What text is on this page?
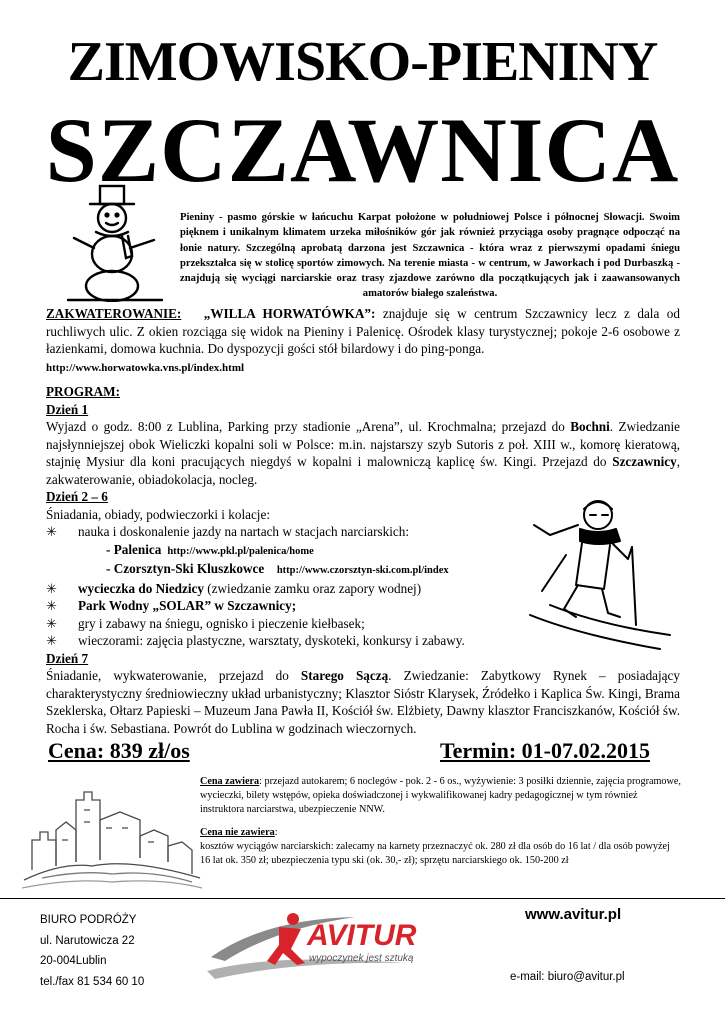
ZIMOWISKO-PIENINY
SZCZAWNICA
Pieniny - pasmo górskie w łańcuchu Karpat położone w południowej Polsce i północnej Słowacji. Swoim pięknem i unikalnym klimatem urzeka miłośników gór jak również przyciąga osoby pragnące odpocząć na łonie natury. Szczególną aprobatą darzona jest Szczawnica - która wraz z pierwszymi opadami śniegu przekształca się w stolicę sportów zimowych. Na terenie miasta - w centrum, w Jaworkach i pod Durbaszką - znajdują się wyciągi narciarskie oraz trasy zjazdowe zarówno dla początkujących jak i zaawansowanych amatorów białego szaleństwa.
ZAKWATEROWANIE: „WILLA HORWATÓWKA”: znajduje się w centrum Szczawnicy lecz z dala od ruchliwych ulic. Z okien rozciąga się widok na Pieniny i Palenicę. Ośrodek klasy turystycznej; pokoje 2-6 osobowe z łazienkami, domowa kuchnia. Do dyspozycji gości stół bilardowy i do ping-ponga.
http://www.horwatowka.vns.pl/index.html
PROGRAM:
Dzień 1
Wyjazd o godz. 8:00 z Lublina, Parking przy stadionie „Arena”, ul. Krochmalna; przejazd do Bochni. Zwiedzanie najsłynniejszej obok Wieliczki kopalni soli w Polsce: m.in. najstarszy szyb Sutoris z poł. XIII w., komorę kieratową, stajnię Mysiur dla koni pracujących niegdyś w kopalni i malowniczą kaplicę św. Kingi. Przejazd do Szczawnicy, zakwaterowanie, obiadokolacja, nocleg.
Dzień 2 – 6
Śniadania, obiady, podwieczorki i kolacje:
✳ nauka i doskonalenie jazdy na nartach w stacjach narciarskich:
- Palenica http://www.pkl.pl/palenica/home
- Czorsztyn-Ski Kluszkowce http://www.czorsztyn-ski.com.pl/index
✳ wycieczka do Niedzicy (zwiedzanie zamku oraz zapory wodnej)
✳ Park Wodny „SOLAR” w Szczawnicy;
✳ gry i zabawy na śniegu, ognisko i pieczenie kiełbasek;
✳ wieczorami: zajęcia plastyczne, warsztaty, dyskoteki, konkursy i zabawy.
Dzień 7
Śniadanie, wykwaterowanie, przejazd do Starego Sączą. Zwiedzanie: Zabytkowy Rynek – posiadający charakterystyczny średniowieczny układ urbanistyczny; Klasztor Sióstr Klarysek, Źródełko i Kaplica Św. Kingi, Brama Szeklerska, Ołtarz Papieski – Muzeum Jana Pawła II, Kościół św. Elżbiety, Dawny klasztor Franciszkanów, Kościół św. Rocha i św. Sebastiana. Powrót do Lublina w godzinach wieczornych.
Cena: 839 zł/os	Termin: 01-07.02.2015
Cena zawiera: przejazd autokarem; 6 noclegów - pok. 2 - 6 os., wyżywienie: 3 posiłki dziennie, zajęcia programowe, wycieczki, bilety wstępów, opieka doświadczonej i wykwalifikowanej kadry pedagogicznej w tym również instruktora narciarstwa, ubezpieczenie NNW.
Cena nie zawiera:
kosztów wyciągów narciarskich: zalecamy na karnety przeznaczyć ok. 280 zł dla osób do 16 lat / dla osób powyżej 16 lat ok. 350 zł; ubezpieczenia typu ski (ok. 30,- zł); sprzętu narciarskiego ok. 150-200 zł
BIURO PODRÓŻY
ul. Narutowicza 22
20-004Lublin
tel./fax 81 534 60 10
AVITUR
wypoczynek jest sztuką
www.avitur.pl
e-mail: biuro@avitur.pl
